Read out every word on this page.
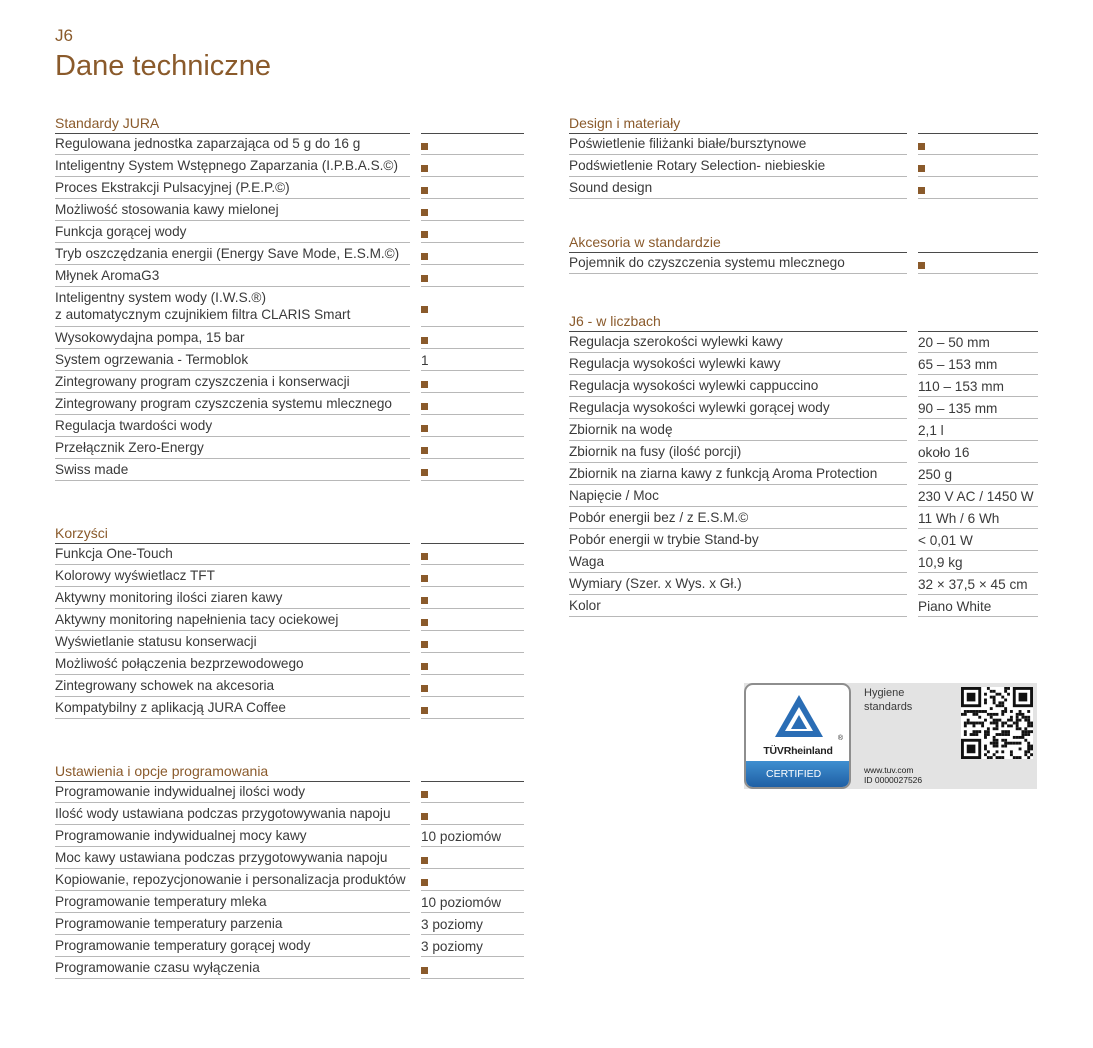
J6
Dane techniczne
Standardy JURA
Regulowana jednostka zaparzająca od 5 g do 16 g
Inteligentny System Wstępnego Zaparzania (I.P.B.A.S.©)
Proces Ekstrakcji Pulsacyjnej (P.E.P.©)
Możliwość stosowania kawy mielonej
Funkcja gorącej wody
Tryb oszczędzania energii (Energy Save Mode, E.S.M.©)
Młynek AromaG3
Inteligentny system wody (I.W.S.®)
z automatycznym czujnikiem filtra CLARIS Smart
Wysokowydajna pompa, 15 bar
System ogrzewania - Termoblok	1
Zintegrowany program czyszczenia i konserwacji
Zintegrowany program czyszczenia systemu mlecznego
Regulacja twardości wody
Przełącznik Zero-Energy
Swiss made
Korzyści
Funkcja One-Touch
Kolorowy wyświetlacz TFT
Aktywny monitoring ilości ziaren kawy
Aktywny monitoring napełnienia tacy ociekowej
Wyświetlanie statusu konserwacji
Możliwość połączenia bezprzewodowego
Zintegrowany schowek na akcesoria
Kompatybilny z aplikacją JURA Coffee
Ustawienia i opcje programowania
Programowanie indywidualnej ilości wody
Ilość wody ustawiana podczas przygotowywania napoju
Programowanie indywidualnej mocy kawy	10 poziomów
Moc kawy ustawiana podczas przygotowywania napoju
Kopiowanie, repozycjonowanie i personalizacja produktów
Programowanie temperatury mleka	10 poziomów
Programowanie temperatury parzenia	3 poziomy
Programowanie temperatury gorącej wody	3 poziomy
Programowanie czasu wyłączenia
Design i materiały
Poświetlenie filiżanki białe/bursztynowe
Podświetlenie Rotary Selection- niebieskie
Sound design
Akcesoria w standardzie
Pojemnik do czyszczenia systemu mlecznego
J6 - w liczbach
Regulacja szerokości wylewki kawy	20 – 50 mm
Regulacja wysokości wylewki kawy	65 – 153 mm
Regulacja wysokości wylewki cappuccino	110 – 153 mm
Regulacja wysokości wylewki gorącej wody	90 – 135 mm
Zbiornik na wodę	2,1 l
Zbiornik na fusy (ilość porcji)	około 16
Zbiornik na ziarna kawy z funkcją Aroma Protection	250 g
Napięcie / Moc	230 V AC / 1450 W
Pobór energii bez / z E.S.M.©	11 Wh / 6 Wh
Pobór energii w trybie Stand-by	< 0,01 W
Waga	10,9 kg
Wymiary (Szer. x Wys. x Gł.)	32 × 37,5 × 45 cm
Kolor	Piano White
®
TÜVRheinland
CERTIFIED
Hygiene
standards
www.tuv.com
ID 0000027526
